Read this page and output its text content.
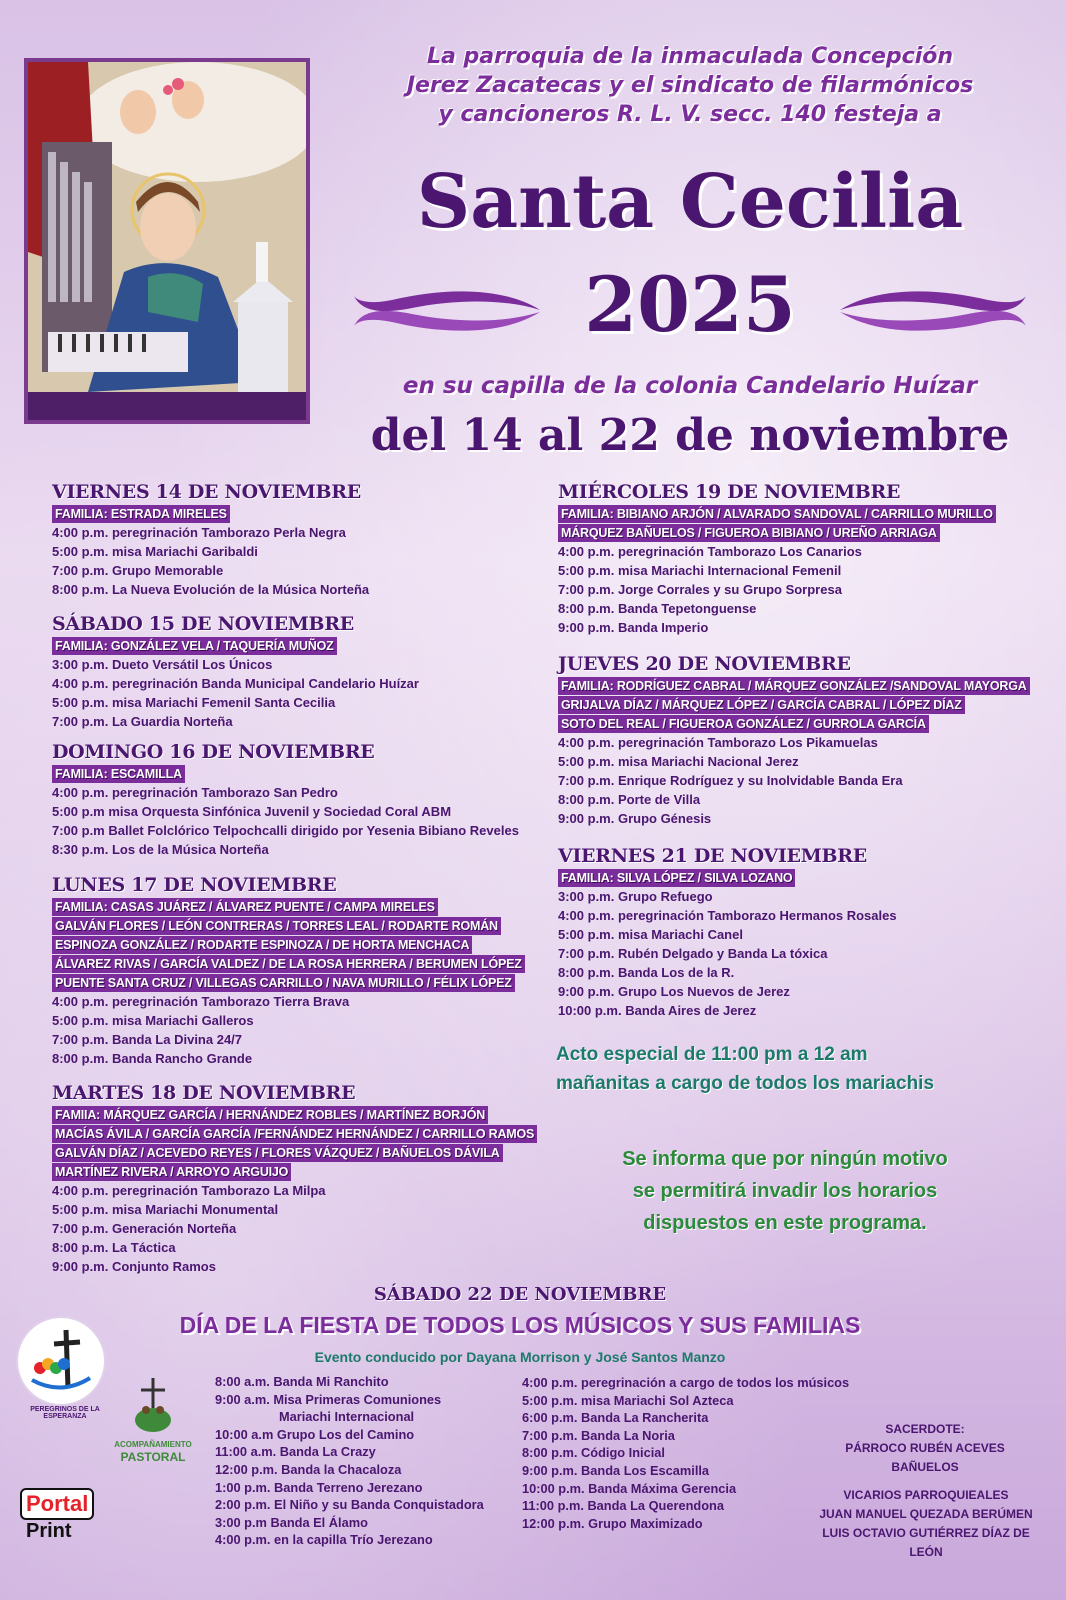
La parroquia de la inmaculada Concepción
Jerez Zacatecas y el sindicato de filarmónicos
y cancioneros R. L. V. secc. 140 festeja a
Santa Cecilia
2025
en su capilla de la colonia Candelario Huízar
del 14 al 22 de noviembre
VIERNES 14 DE NOVIEMBRE
FAMILIA: ESTRADA MIRELES
4:00 p.m. peregrinación Tamborazo Perla Negra
5:00 p.m. misa Mariachi Garibaldi
7:00 p.m. Grupo Memorable
8:00 p.m. La Nueva Evolución de la Música Norteña
SÁBADO 15 DE NOVIEMBRE
FAMILIA: GONZÁLEZ VELA / TAQUERÍA MUÑOZ
3:00 p.m. Dueto Versátil Los Únicos
4:00 p.m. peregrinación Banda Municipal Candelario Huízar
5:00 p.m. misa Mariachi Femenil Santa Cecilia
7:00 p.m. La Guardia Norteña
DOMINGO 16 DE NOVIEMBRE
FAMILIA: ESCAMILLA
4:00 p.m. peregrinación Tamborazo San Pedro
5:00 p.m misa Orquesta Sinfónica Juvenil y Sociedad Coral ABM
7:00 p.m Ballet Folclórico Telpochcalli dirigido por Yesenia Bibiano Reveles
8:30 p.m. Los de la Música Norteña
LUNES 17 DE NOVIEMBRE
FAMILIA: CASAS JUÁREZ / ÁLVAREZ PUENTE / CAMPA MIRELES
GALVÁN FLORES / LEÓN CONTRERAS / TORRES LEAL / RODARTE ROMÁN
ESPINOZA GONZÁLEZ / RODARTE ESPINOZA / DE HORTA MENCHACA
ÁLVAREZ RIVAS / GARCÍA VALDEZ / DE LA ROSA HERRERA / BERUMEN LÓPEZ
PUENTE SANTA CRUZ / VILLEGAS CARRILLO / NAVA MURILLO / FÉLIX LÓPEZ
4:00 p.m. peregrinación Tamborazo Tierra Brava
5:00 p.m. misa Mariachi Galleros
7:00 p.m. Banda La Divina 24/7
8:00 p.m. Banda Rancho Grande
MARTES 18 DE NOVIEMBRE
FAMIIA: MÁRQUEZ GARCÍA / HERNÁNDEZ ROBLES / MARTÍNEZ BORJÓN
MACÍAS ÁVILA / GARCÍA GARCÍA /FERNÁNDEZ HERNÁNDEZ / CARRILLO RAMOS
GALVÁN DÍAZ / ACEVEDO REYES / FLORES VÁZQUEZ / BAÑUELOS DÁVILA
MARTÍNEZ RIVERA / ARROYO ARGUIJO
4:00 p.m. peregrinación Tamborazo La Milpa
5:00 p.m. misa Mariachi Monumental
7:00 p.m. Generación Norteña
8:00 p.m. La Táctica
9:00 p.m. Conjunto Ramos
MIÉRCOLES 19 DE NOVIEMBRE
FAMILIA: BIBIANO ARJÓN / ALVARADO SANDOVAL / CARRILLO MURILLO
MÁRQUEZ BAÑUELOS / FIGUEROA BIBIANO / UREÑO ARRIAGA
4:00 p.m. peregrinación Tamborazo Los Canarios
5:00 p.m. misa Mariachi Internacional Femenil
7:00 p.m. Jorge Corrales y su Grupo Sorpresa
8:00 p.m. Banda Tepetonguense
9:00 p.m. Banda Imperio
JUEVES 20 DE NOVIEMBRE
FAMILIA: RODRÍGUEZ CABRAL / MÁRQUEZ GONZÁLEZ /SANDOVAL MAYORGA
GRIJALVA DÍAZ / MÁRQUEZ LÓPEZ / GARCÍA CABRAL / LÓPEZ DÍAZ
SOTO DEL REAL / FIGUEROA GONZÁLEZ / GURROLA GARCÍA
4:00 p.m. peregrinación Tamborazo Los Pikamuelas
5:00 p.m. misa Mariachi Nacional Jerez
7:00 p.m. Enrique Rodríguez y su Inolvidable Banda Era
8:00 p.m. Porte de Villa
9:00 p.m. Grupo Génesis
VIERNES 21 DE NOVIEMBRE
FAMILIA: SILVA LÓPEZ / SILVA LOZANO
3:00 p.m. Grupo Refuego
4:00 p.m. peregrinación Tamborazo Hermanos Rosales
5:00 p.m. misa Mariachi Canel
7:00 p.m. Rubén Delgado y Banda La tóxica
8:00 p.m. Banda Los de la R.
9:00 p.m. Grupo Los Nuevos de Jerez
10:00 p.m. Banda Aires de Jerez
Acto especial de 11:00 pm a 12 am
mañanitas a cargo de todos los mariachis
Se informa que por ningún motivo
se permitirá invadir los horarios
dispuestos en este programa.
SÁBADO 22 DE NOVIEMBRE
DÍA DE LA FIESTA DE TODOS LOS MÚSICOS Y SUS FAMILIAS
Evento conducido por Dayana Morrison y José Santos Manzo
8:00 a.m. Banda Mi Ranchito
9:00 a.m. Misa Primeras Comuniones
Mariachi Internacional
10:00 a.m Grupo Los del Camino
11:00 a.m. Banda La Crazy
12:00 p.m. Banda la Chacaloza
1:00 p.m. Banda Terreno Jerezano
2:00 p.m. El Niño y su Banda Conquistadora
3:00 p.m Banda El Álamo
4:00 p.m. en la capilla Trío Jerezano
4:00 p.m. peregrinación a cargo de todos los músicos
5:00 p.m. misa Mariachi Sol Azteca
6:00 p.m. Banda La Rancherita
7:00 p.m. Banda La Noria
8:00 p.m. Código Inicial
9:00 p.m. Banda Los Escamilla
10:00 p.m. Banda Máxima Gerencia
11:00 p.m. Banda La Querendona
12:00 p.m. Grupo Maximizado
SACERDOTE:
PÁRROCO RUBÉN ACEVES BAÑUELOS
VICARIOS PARROQUIEALES
JUAN MANUEL QUEZADA BERÚMEN
LUIS OCTAVIO GUTIÉRREZ DÍAZ DE LEÓN
PEREGRINOS DE LA ESPERANZA
ACOMPAÑAMIENTO
PASTORAL
Portal
Print
